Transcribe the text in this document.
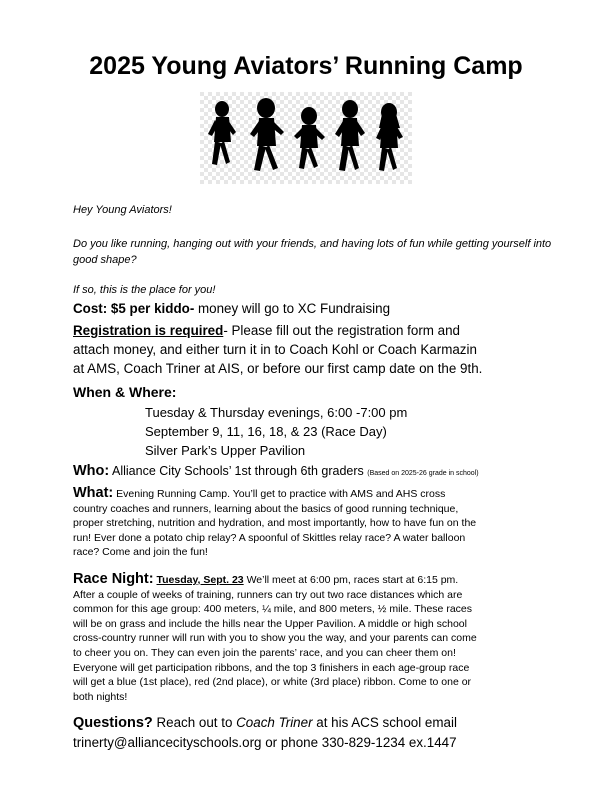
2025 Young Aviators’ Running Camp
Hey Young Aviators!
Do you like running, hanging out with your friends, and having lots of fun while getting yourself into good shape?
If so, this is the place for you!
Cost: $5 per kiddo- money will go to XC Fundraising
Registration is required- Please fill out the registration form and
attach money, and either turn it in to Coach Kohl or Coach Karmazin
at AMS, Coach Triner at AIS, or before our first camp date on the 9th.
When & Where:
Tuesday & Thursday evenings, 6:00 -7:00 pm
September 9, 11, 16, 18, & 23 (Race Day)
Silver Park’s Upper Pavilion
Who: Alliance City Schools’ 1st through 6th graders (Based on 2025-26 grade in school)
What: Evening Running Camp. You’ll get to practice with AMS and AHS cross
country coaches and runners, learning about the basics of good running technique,
proper stretching, nutrition and hydration, and most importantly, how to have fun on the
run! Ever done a potato chip relay? A spoonful of Skittles relay race? A water balloon
race? Come and join the fun!
Race Night: Tuesday, Sept. 23 We’ll meet at 6:00 pm, races start at 6:15 pm.
After a couple of weeks of training, runners can try out two race distances which are
common for this age group: 400 meters, ¼ mile, and 800 meters, ½ mile. These races
will be on grass and include the hills near the Upper Pavilion. A middle or high school
cross-country runner will run with you to show you the way, and your parents can come
to cheer you on. They can even join the parents’ race, and you can cheer them on!
Everyone will get participation ribbons, and the top 3 finishers in each age-group race
will get a blue (1st place), red (2nd place), or white (3rd place) ribbon. Come to one or
both nights!
Questions? Reach out to Coach Triner at his ACS school email
trinerty@alliancecityschools.org or phone 330-829-1234 ex.1447
